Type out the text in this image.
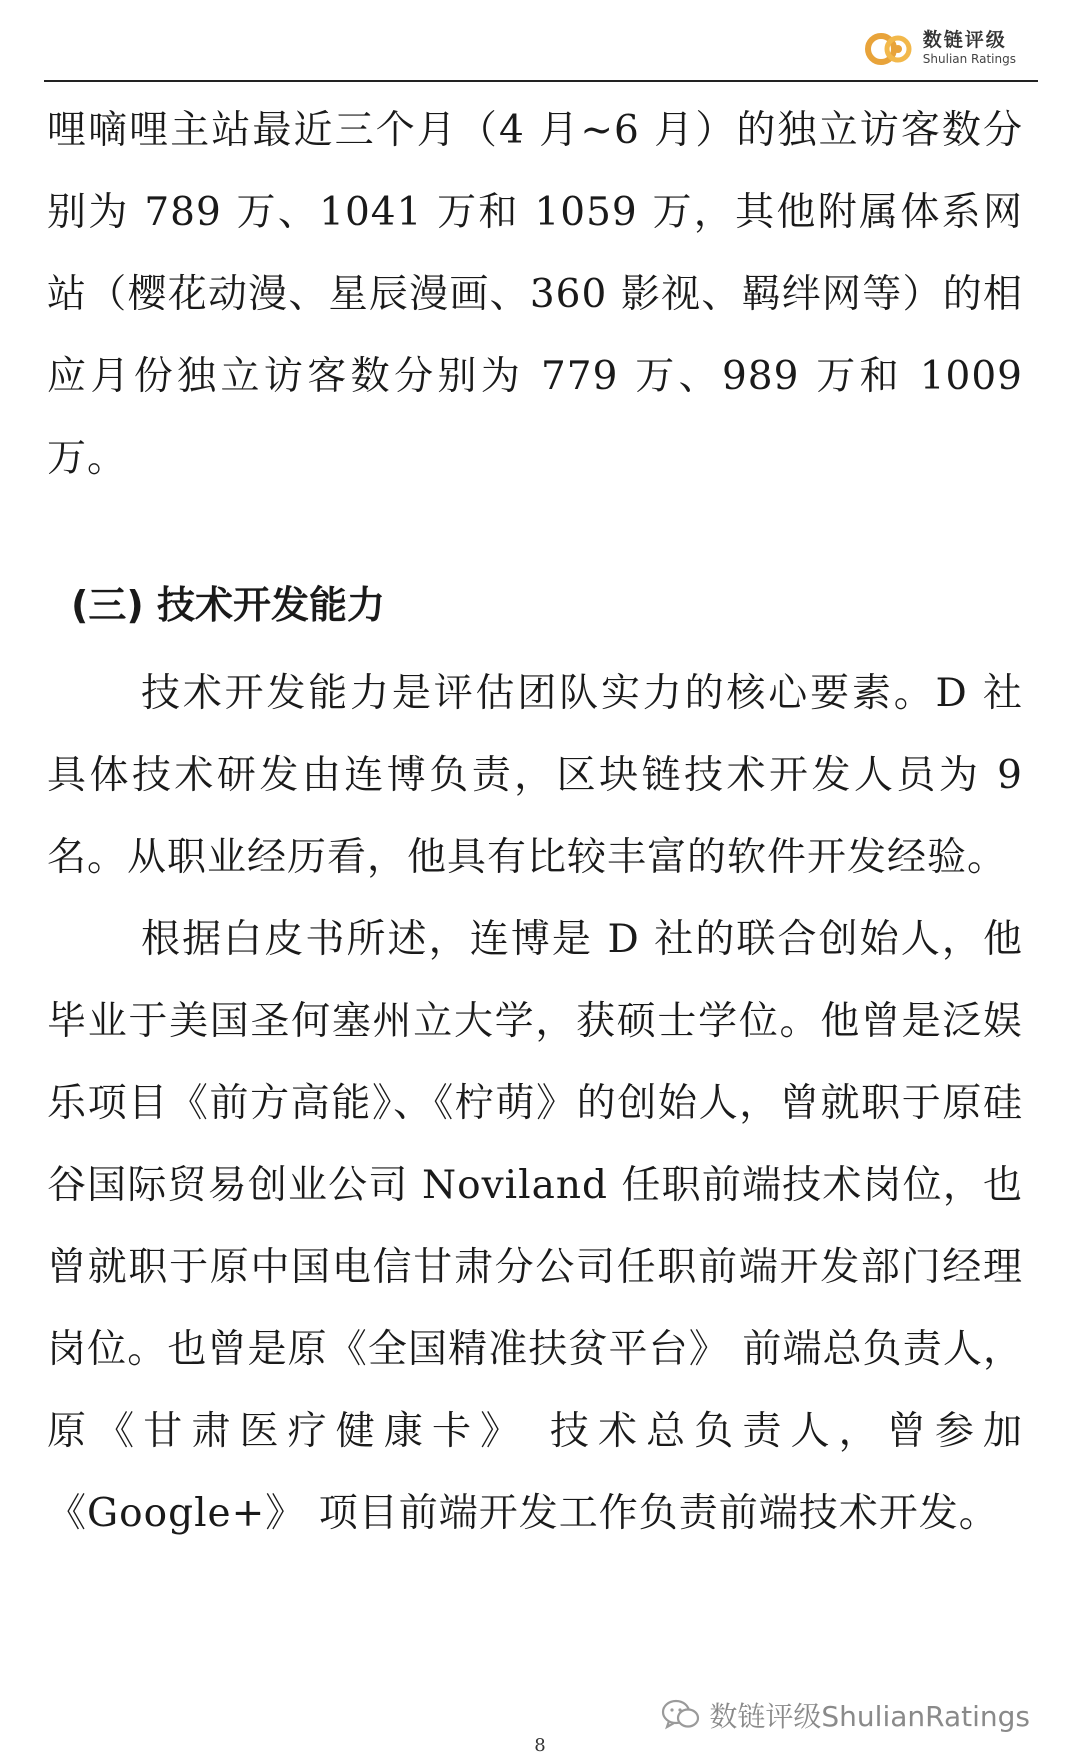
数链评级
Shulian Ratings

哩嘀哩主站最近三个月（4 月~6 月）的独立访客数分别为 789 万、1041 万和 1059 万，其他附属体系网站（樱花动漫、星辰漫画、360 影视、羁绊网等）的相应月份独立访客数分别为 779 万、989 万和 1009 万。

(三) 技术开发能力

技术开发能力是评估团队实力的核心要素。D 社具体技术研发由连博负责，区块链技术开发人员为 9 名。从职业经历看，他具有比较丰富的软件开发经验。

根据白皮书所述，连博是 D 社的联合创始人，他毕业于美国圣何塞州立大学，获硕士学位。他曾是泛娱乐项目《前方高能》、《柠萌》的创始人，曾就职于原硅谷国际贸易创业公司 Noviland 任职前端技术岗位，也曾就职于原中国电信甘肃分公司任职前端开发部门经理岗位。也曾是原《全国精准扶贫平台》 前端总负责人，原《甘肃医疗健康卡》 技术总负责人，曾参加《Google+》 项目前端开发工作负责前端技术开发。

数链评级ShulianRatings
8
